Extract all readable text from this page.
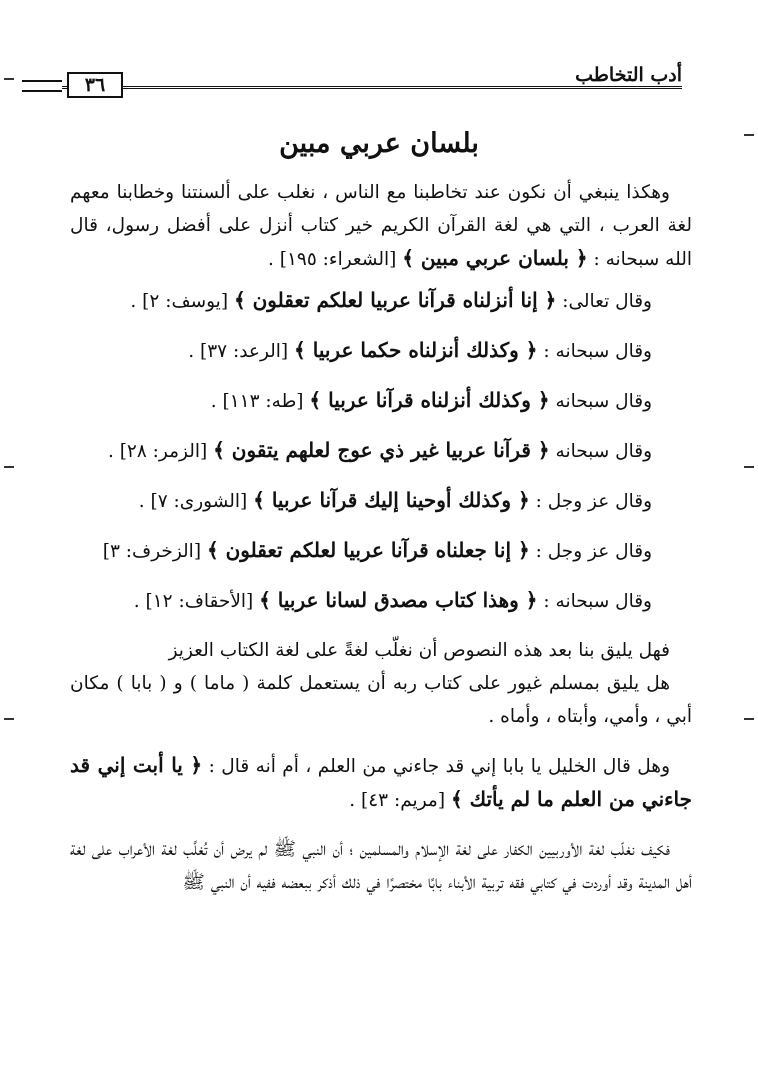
٣٦	أدب التخاطب
بلسان عربي مبين

وهكذا ينبغي أن نكون عند تخاطبنا مع الناس ، نغلب على ألسنتنا وخطابنا معهم لغة العرب ، التي هي لغة القرآن الكريم خير كتاب أنزل على أفضل رسول، قال الله سبحانه : ﴿ بلسان عربي مبين ﴾ [الشعراء: ١٩٥] .

وقال تعالى: ﴿ إنا أنزلناه قرآنا عربيا لعلكم تعقلون ﴾ [يوسف: ٢] .

وقال سبحانه : ﴿ وكذلك أنزلناه حكما عربيا ﴾ [الرعد: ٣٧] .

وقال سبحانه ﴿ وكذلك أنزلناه قرآنا عربيا ﴾ [طه: ١١٣] .

وقال سبحانه ﴿ قرآنا عربيا غير ذي عوج لعلهم يتقون ﴾ [الزمر: ٢٨] .

وقال عز وجل : ﴿ وكذلك أوحينا إليك قرآنا عربيا ﴾ [الشورى: ٧] .

وقال عز وجل : ﴿ إنا جعلناه قرآنا عربيا لعلكم تعقلون ﴾ [الزخرف: ٣]

وقال سبحانه : ﴿ وهذا كتاب مصدق لسانا عربيا ﴾ [الأحقاف: ١٢] .

فهل يليق بنا بعد هذه النصوص أن نغلّب لغةً على لغة الكتاب العزيز

هل يليق بمسلم غيور على كتاب ربه أن يستعمل كلمة ( ماما ) و ( بابا ) مكان أبي ، وأمي، وأبتاه ، وأماه .

وهل قال الخليل يا بابا إني قد جاءني من العلم ، أم أنه قال : ﴿ يا أبت إني قد جاءني من العلم ما لم يأتك ﴾ [مريم: ٤٣] .

فكيف نغلّب لغة الأوربيين الكفار على لغة الإسلام والمسلمين ؛ أن النبي ﷺ لم يرض أن تُغلَّب لغة الأعراب على لغة أهل المدينة وقد أوردت في كتابي فقه تربية الأبناء بابًا مختصرًا في ذلك أذكر ببعضه ففيه أن النبي ﷺ
